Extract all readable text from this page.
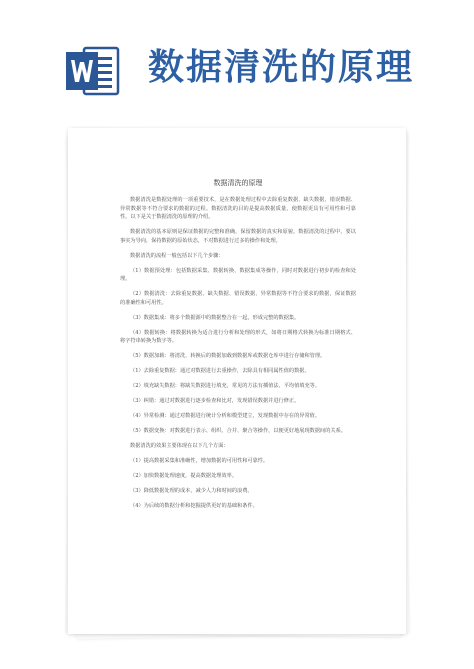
数据清洗的原理
数据清洗的原理

数据清洗是数据处理的一项重要技术，是在数据处理过程中去除重复数据、缺失数据、错误数据、异常数据等不符合要求的数据的过程。数据清洗的目的是提高数据质量，使数据更具有可用性和可靠性。以下是关于数据清洗的原理的介绍。

数据清洗的基本原则是保证数据的完整和准确，保留数据的真实和原貌。数据清洗的过程中，要以事实为导向，保持数据的原始状态，不对数据进行过多的操作和处理。

数据清洗的流程一般包括以下几个步骤：

（1）数据预处理：包括数据采集、数据转换、数据集成等操作，同时对数据进行初步的检查和处理。

（2）数据清洗：去除重复数据、缺失数据、错误数据、异常数据等不符合要求的数据，保证数据的准确性和可用性。

（3）数据集成：将多个数据源中的数据整合在一起，形成完整的数据集。

（4）数据转换：将数据转换为适合进行分析和处理的形式，如将日期格式转换为标准日期格式、将字符串转换为数字等。

（5）数据加载：将清洗、转换后的数据加载到数据库或数据仓库中进行存储和管理。

（1）去除重复数据：通过对数据进行去重操作，去除具有相同属性值的数据。

（2）填充缺失数据：将缺失数据进行填充，常见的方法有插值法、平均值填充等。

（3）纠错：通过对数据进行逐步检查和比对，发现错误数据并进行修正。

（4）异常检测：通过对数据进行统计分析和模型建立，发现数据中存在的异常值。

（5）数据变换：对数据进行表示、组织、合并、聚合等操作，以便更好地展现数据间的关系。

数据清洗的效果主要体现在以下几个方面：

（1）提高数据采集和准确性，增加数据的可用性和可靠性。

（2）加快数据处理速度，提高数据处理效率。

（3）降低数据处理的成本，减少人力和时间的浪费。

（4）为后续的数据分析和挖掘提供更好的基础和条件。
